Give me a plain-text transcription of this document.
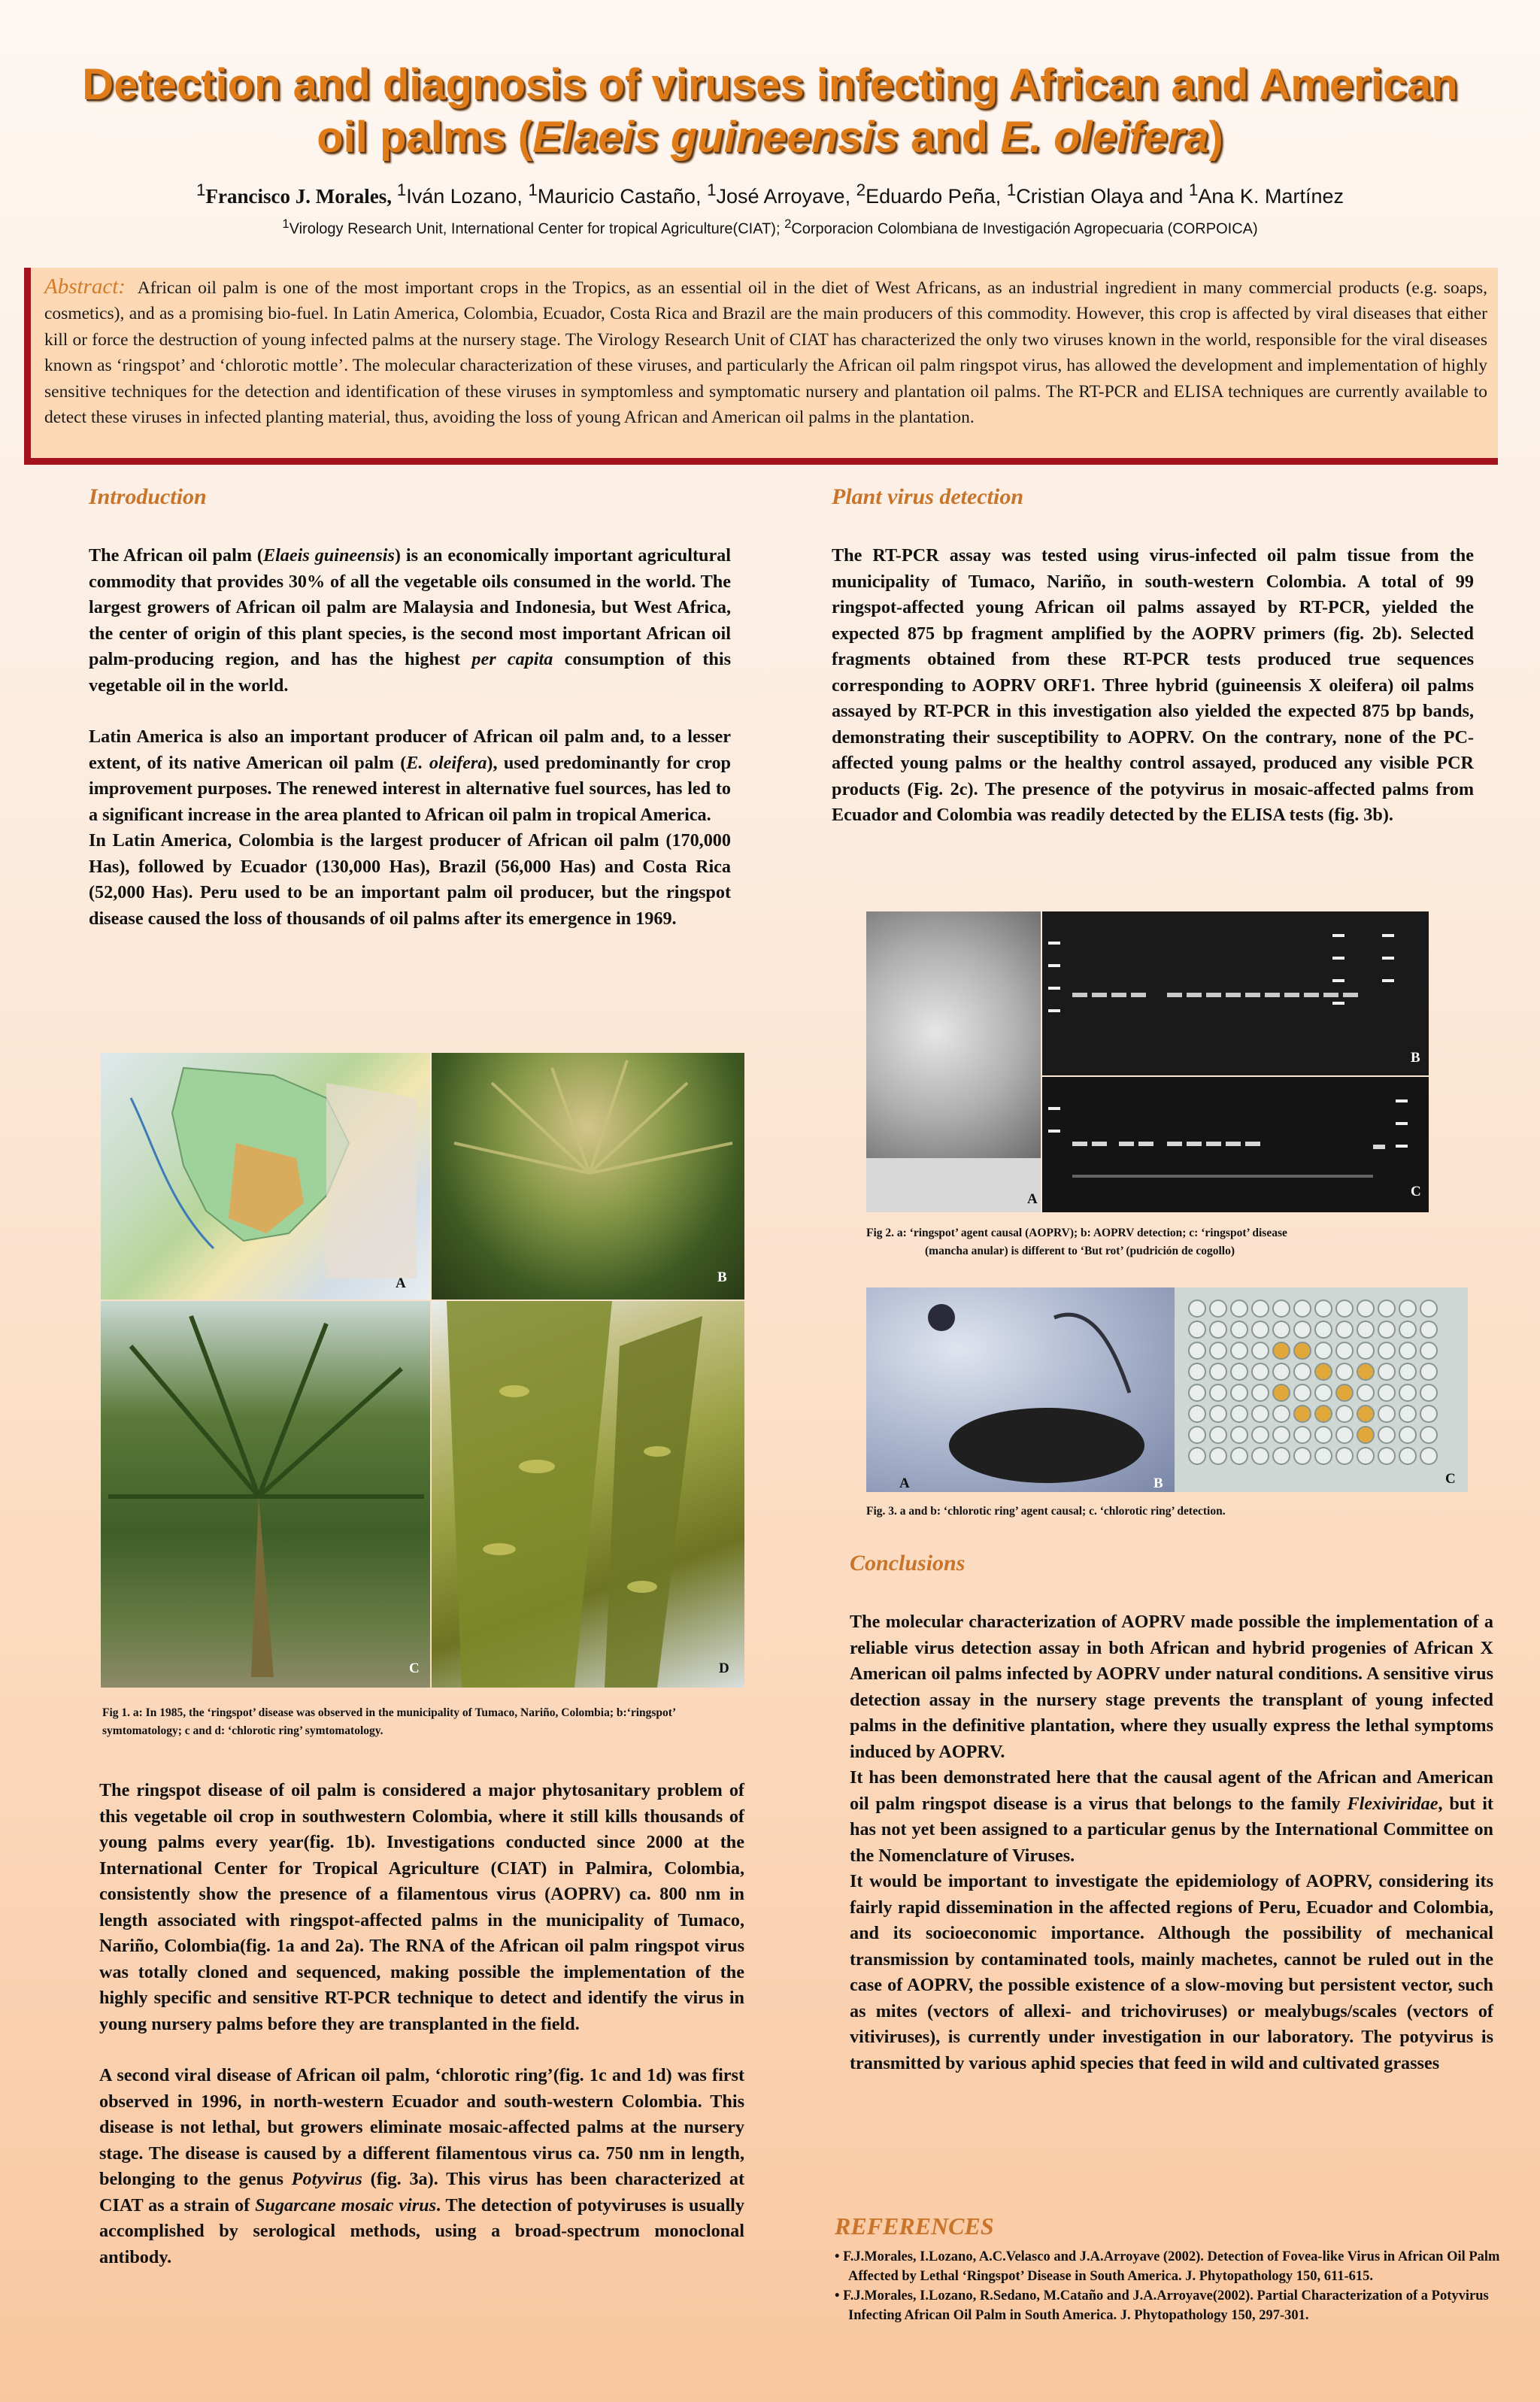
Detection and diagnosis of viruses infecting African and American
oil palms (Elaeis guineensis and E. oleifera)
$^1$Francisco J. Morales, $^1$Iván Lozano, $^1$Mauricio Castaño, $^1$José Arroyave, $^2$Eduardo Peña, $^1$Cristian Olaya and $^1$Ana K. Martínez
$^1$Virology Research Unit, International Center for tropical Agriculture(CIAT); $^2$Corporacion Colombiana de Investigación Agropecuaria (CORPOICA)
Abstract: African oil palm is one of the most important crops in the Tropics, as an essential oil in the diet of West Africans, as an industrial ingredient in many commercial products (e.g. soaps, cosmetics), and as a promising bio-fuel. In Latin America, Colombia, Ecuador, Costa Rica and Brazil are the main producers of this commodity. However, this crop is affected by viral diseases that either kill or force the destruction of young infected palms at the nursery stage. The Virology Research Unit of CIAT has characterized the only two viruses known in the world, responsible for the viral diseases known as ‘ringspot’ and ‘chlorotic mottle’. The molecular characterization of these viruses, and particularly the African oil palm ringspot virus, has allowed the development and implementation of highly sensitive techniques for the detection and identification of these viruses in symptomless and symptomatic nursery and plantation oil palms. The RT-PCR and ELISA techniques are currently available to detect these viruses in infected planting material, thus, avoiding the loss of young African and American oil palms in the plantation.
Introduction

The African oil palm (Elaeis guineensis) is an economically important agricultural commodity that provides 30% of all the vegetable oils consumed in the world. The largest growers of African oil palm are Malaysia and Indonesia, but West Africa, the center of origin of this plant species, is the second most important African oil palm-producing region, and has the highest per capita consumption of this vegetable oil in the world.

Latin America is also an important producer of African oil palm and, to a lesser extent, of its native American oil palm (E. oleifera), used predominantly for crop improvement purposes. The renewed interest in alternative fuel sources, has led to a significant increase in the area planted to African oil palm in tropical America.

In Latin America, Colombia is the largest producer of African oil palm (170,000 Has), followed by Ecuador (130,000 Has), Brazil (56,000 Has) and Costa Rica (52,000 Has). Peru used to be an important palm oil producer, but the ringspot disease caused the loss of thousands of oil palms after its emergence in 1969.

A	B
C	D
Fig 1. a: In 1985, the ‘ringspot’ disease was observed in the municipality of Tumaco, Nariño, Colombia; b:‘ringspot’ symtomatology; c and d: ‘chlorotic ring’ symtomatology.

The ringspot disease of oil palm is considered a major phytosanitary problem of this vegetable oil crop in southwestern Colombia, where it still kills thousands of young palms every year(fig. 1b). Investigations conducted since 2000 at the International Center for Tropical Agriculture (CIAT) in Palmira, Colombia, consistently show the presence of a filamentous virus (AOPRV) ca. 800 nm in length associated with ringspot-affected palms in the municipality of Tumaco, Nariño, Colombia(fig. 1a and 2a). The RNA of the African oil palm ringspot virus was totally cloned and sequenced, making possible the implementation of the highly specific and sensitive RT-PCR technique to detect and identify the virus in young nursery palms before they are transplanted in the field.

A second viral disease of African oil palm, ‘chlorotic ring’(fig. 1c and 1d) was first observed in 1996, in north-western Ecuador and south-western Colombia. This disease is not lethal, but growers eliminate mosaic-affected palms at the nursery stage. The disease is caused by a different filamentous virus ca. 750 nm in length, belonging to the genus Potyvirus (fig. 3a). This virus has been characterized at CIAT as a strain of Sugarcane mosaic virus. The detection of potyviruses is usually accomplished by serological methods, using a broad-spectrum monoclonal antibody.

Plant virus detection
The RT-PCR assay was tested using virus-infected oil palm tissue from the municipality of Tumaco, Nariño, in south-western Colombia. A total of 99 ringspot-affected young African oil palms assayed by RT-PCR, yielded the expected 875 bp fragment amplified by the AOPRV primers (fig. 2b). Selected fragments obtained from these RT-PCR tests produced true sequences corresponding to AOPRV ORF1. Three hybrid (guineensis X oleifera) oil palms assayed by RT-PCR in this investigation also yielded the expected 875 bp bands, demonstrating their susceptibility to AOPRV. On the contrary, none of the PC-affected young palms or the healthy control assayed, produced any visible PCR products (Fig. 2c). The presence of the potyvirus in mosaic-affected palms from Ecuador and Colombia was readily detected by the ELISA tests (fig. 3b).
A
B
C
Fig 2. a: ‘ringspot’ agent causal (AOPRV); b: AOPRV detection; c: ‘ringspot’ disease
(mancha anular) is different to ‘But rot’ (pudrición de cogollo)
A	B	C
Fig. 3. a and b: ‘chlorotic ring’ agent causal; c. ‘chlorotic ring’ detection.
Conclusions

The molecular characterization of AOPRV made possible the implementation of a reliable virus detection assay in both African and hybrid progenies of African X American oil palms infected by AOPRV under natural conditions. A sensitive virus detection assay in the nursery stage prevents the transplant of young infected palms in the definitive plantation, where they usually express the lethal symptoms induced by AOPRV.

It has been demonstrated here that the causal agent of the African and American oil palm ringspot disease is a virus that belongs to the family Flexiviridae, but it has not yet been assigned to a particular genus by the International Committee on the Nomenclature of Viruses.

It would be important to investigate the epidemiology of AOPRV, considering its fairly rapid dissemination in the affected regions of Peru, Ecuador and Colombia, and its socioeconomic importance. Although the possibility of mechanical transmission by contaminated tools, mainly machetes, cannot be ruled out in the case of AOPRV, the possible existence of a slow-moving but persistent vector, such as mites (vectors of allexi- and trichoviruses) or mealybugs/scales (vectors of vitiviruses), is currently under investigation in our laboratory. The potyvirus is transmitted by various aphid species that feed in wild and cultivated grasses

REFERENCES
• F.J.Morales, I.Lozano, A.C.Velasco and J.A.Arroyave (2002). Detection of Fovea-like Virus in African Oil Palm Affected by Lethal ‘Ringspot’ Disease in South America. J. Phytopathology 150, 611-615.
• F.J.Morales, I.Lozano, R.Sedano, M.Cataño and J.A.Arroyave(2002). Partial Characterization of a Potyvirus Infecting African Oil Palm in South America. J. Phytopathology 150, 297-301.
